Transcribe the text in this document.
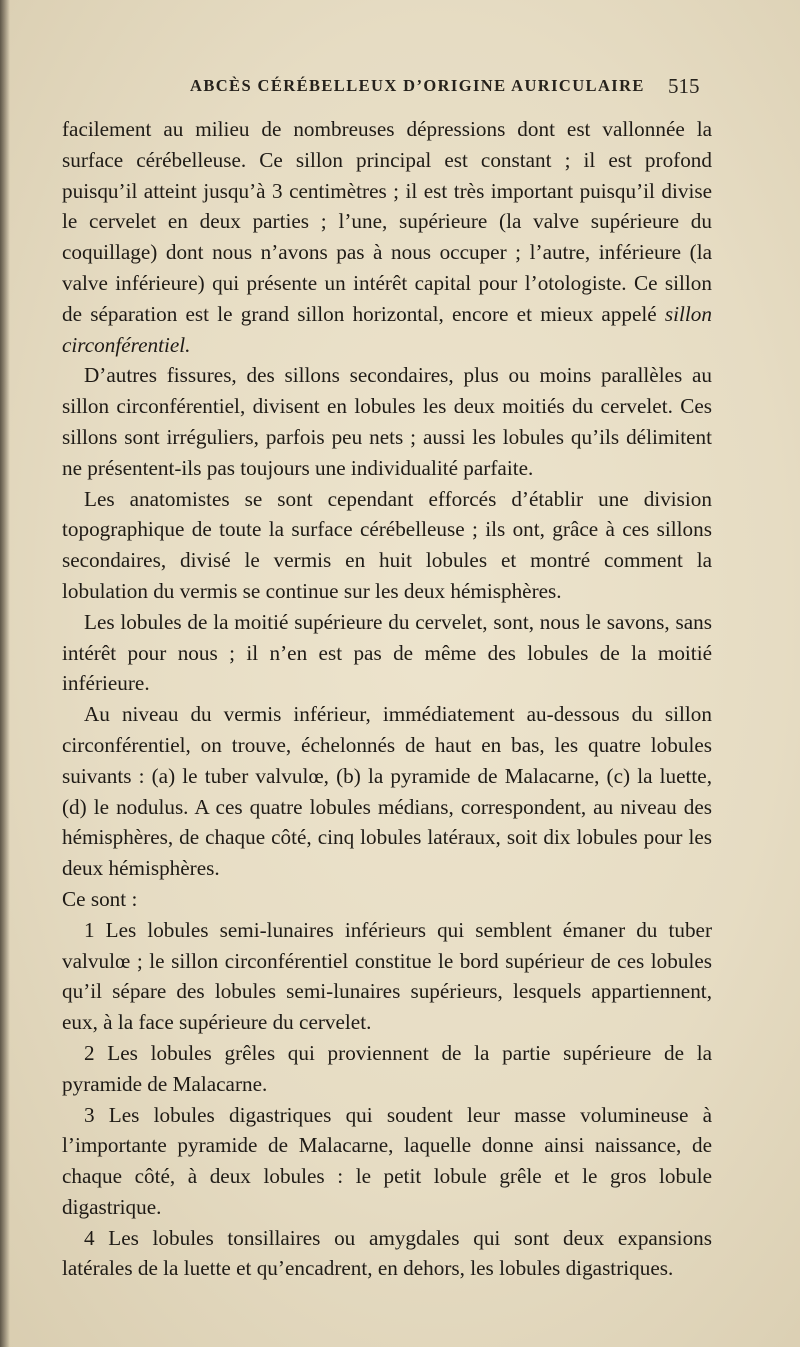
ABCÈS CÉRÉBELLEUX D’ORIGINE AURICULAIRE 515

facilement au milieu de nombreuses dépressions dont est vallonnée la surface cérébelleuse. Ce sillon principal est constant ; il est profond puisqu’il atteint jusqu’à 3 centimètres ; il est très important puisqu’il divise le cervelet en deux parties ; l’une, supérieure (la valve supérieure du coquillage) dont nous n’avons pas à nous occuper ; l’autre, inférieure (la valve inférieure) qui présente un intérêt capital pour l’otologiste. Ce sillon de séparation est le grand sillon horizontal, encore et mieux appelé sillon circonférentiel.

D’autres fissures, des sillons secondaires, plus ou moins parallèles au sillon circonférentiel, divisent en lobules les deux moitiés du cervelet. Ces sillons sont irréguliers, parfois peu nets ; aussi les lobules qu’ils délimitent ne présentent-ils pas toujours une individualité parfaite.

Les anatomistes se sont cependant efforcés d’établir une division topographique de toute la surface cérébelleuse ; ils ont, grâce à ces sillons secondaires, divisé le vermis en huit lobules et montré comment la lobulation du vermis se continue sur les deux hémisphères.

Les lobules de la moitié supérieure du cervelet, sont, nous le savons, sans intérêt pour nous ; il n’en est pas de même des lobules de la moitié inférieure.

Au niveau du vermis inférieur, immédiatement au-dessous du sillon circonférentiel, on trouve, échelonnés de haut en bas, les quatre lobules suivants : (a) le tuber valvulœ, (b) la pyramide de Malacarne, (c) la luette, (d) le nodulus. A ces quatre lobules médians, correspondent, au niveau des hémisphères, de chaque côté, cinq lobules latéraux, soit dix lobules pour les deux hémisphères.

Ce sont :

1 Les lobules semi-lunaires inférieurs qui semblent émaner du tuber valvulœ ; le sillon circonférentiel constitue le bord supérieur de ces lobules qu’il sépare des lobules semi-lunaires supérieurs, lesquels appartiennent, eux, à la face supérieure du cervelet.

2 Les lobules grêles qui proviennent de la partie supérieure de la pyramide de Malacarne.

3 Les lobules digastriques qui soudent leur masse volumineuse à l’importante pyramide de Malacarne, laquelle donne ainsi naissance, de chaque côté, à deux lobules : le petit lobule grêle et le gros lobule digastrique.

4 Les lobules tonsillaires ou amygdales qui sont deux expansions latérales de la luette et qu’encadrent, en dehors, les lobules digastriques.
